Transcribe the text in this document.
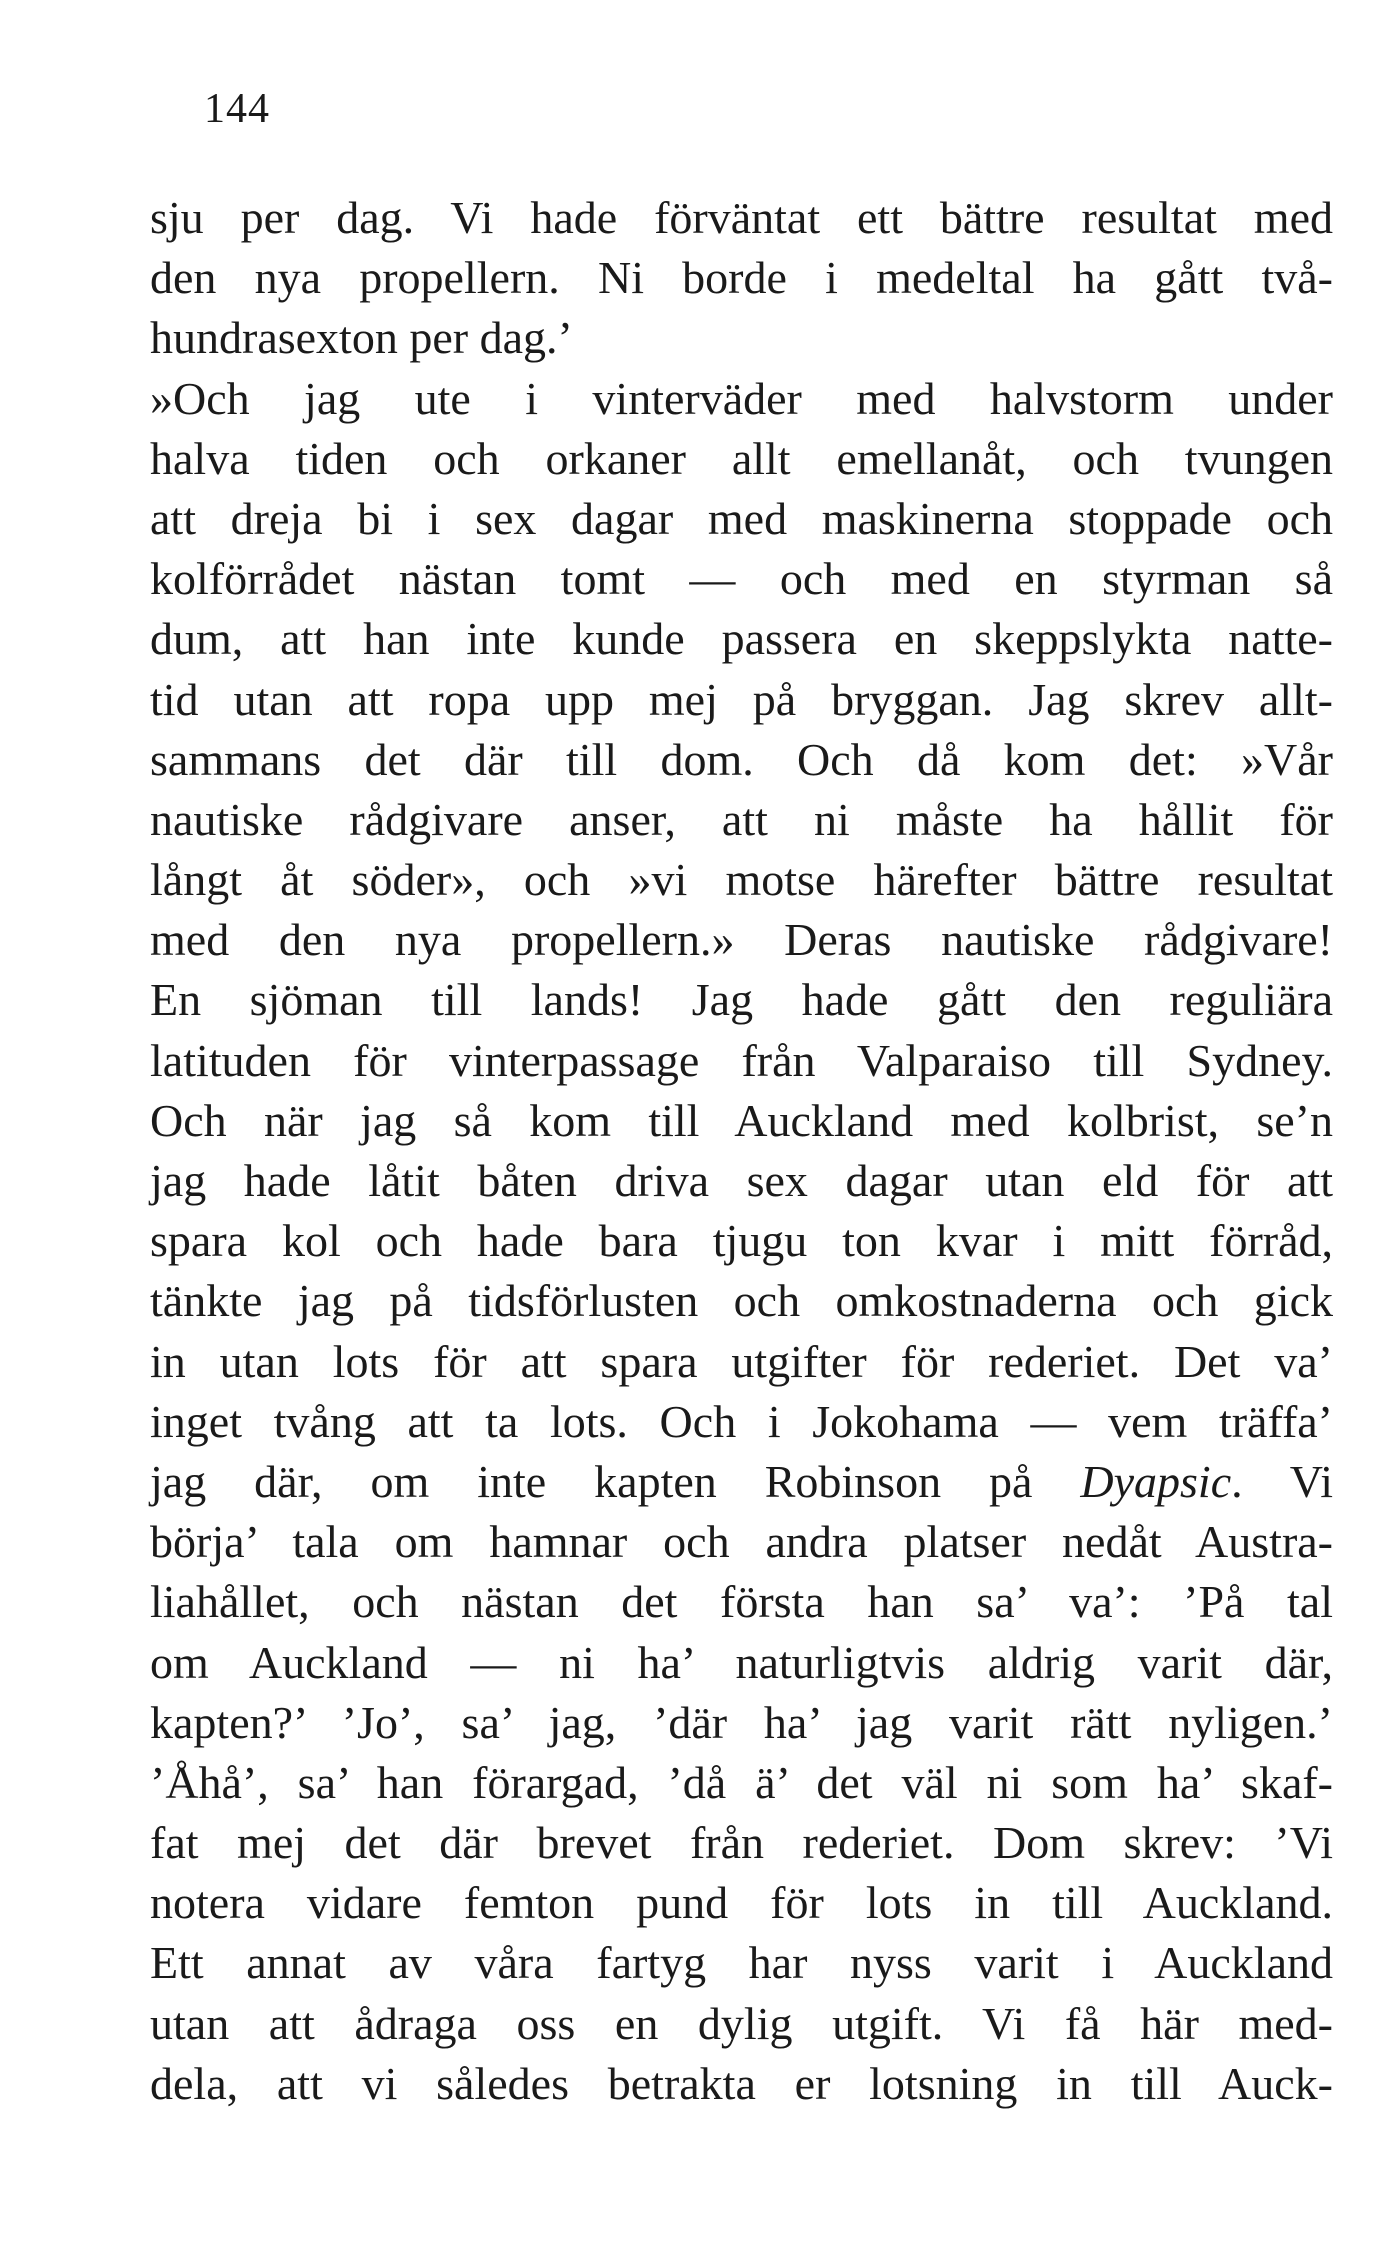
144
sju per dag. Vi hade förväntat ett bättre resultat med
den nya propellern. Ni borde i medeltal ha gått två-
hundrasexton per dag.’
»Och jag ute i vinterväder med halvstorm under
halva tiden och orkaner allt emellanåt, och tvungen
att dreja bi i sex dagar med maskinerna stoppade och
kolförrådet nästan tomt — och med en styrman så
dum, att han inte kunde passera en skeppslykta natte-
tid utan att ropa upp mej på bryggan. Jag skrev allt-
sammans det där till dom. Och då kom det: »Vår
nautiske rådgivare anser, att ni måste ha hållit för
långt åt söder», och »vi motse härefter bättre resultat
med den nya propellern.» Deras nautiske rådgivare!
En sjöman till lands! Jag hade gått den reguliära
latituden för vinterpassage från Valparaiso till Sydney.
Och när jag så kom till Auckland med kolbrist, se’n
jag hade låtit båten driva sex dagar utan eld för att
spara kol och hade bara tjugu ton kvar i mitt förråd,
tänkte jag på tidsförlusten och omkostnaderna och gick
in utan lots för att spara utgifter för rederiet. Det va’
inget tvång att ta lots. Och i Jokohama — vem träffa’
jag där, om inte kapten Robinson på Dyapsic. Vi
börja’ tala om hamnar och andra platser nedåt Austra-
liahållet, och nästan det första han sa’ va’: ’På tal
om Auckland — ni ha’ naturligtvis aldrig varit där,
kapten?’ ’Jo’, sa’ jag, ’där ha’ jag varit rätt nyligen.’
’Åhå’, sa’ han förargad, ’då ä’ det väl ni som ha’ skaf-
fat mej det där brevet från rederiet. Dom skrev: ’Vi
notera vidare femton pund för lots in till Auckland.
Ett annat av våra fartyg har nyss varit i Auckland
utan att ådraga oss en dylig utgift. Vi få här med-
dela, att vi således betrakta er lotsning in till Auck-
